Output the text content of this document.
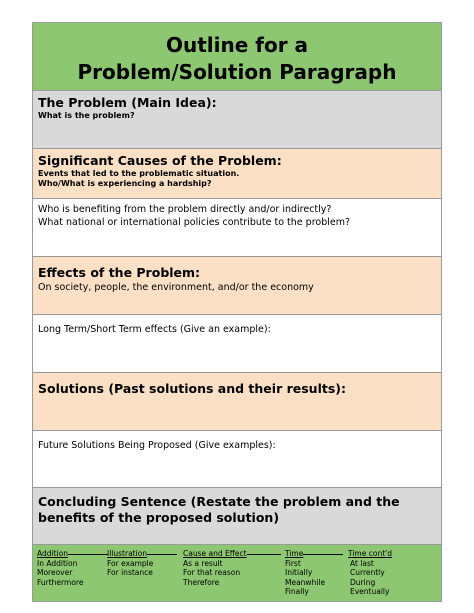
Outline for a
Problem/Solution Paragraph
The Problem (Main Idea):
What is the problem?
Significant Causes of the Problem:
Events that led to the problematic situation.
Who/What is experiencing a hardship?
Who is benefiting from the problem directly and/or indirectly?
What national or international policies contribute to the problem?
Effects of the Problem:
On society, people, the environment, and/or the economy
Long Term/Short Term effects (Give an example):
Solutions (Past solutions and their results):
Future Solutions Being Proposed (Give examples):
Concluding Sentence (Restate the problem and the
benefits of the proposed solution)
Addition
In Addition
Moreover
Furthermore
Illustration
For example
For instance
Cause and Effect
As a result
For that reason
Therefore
Time
First
Initially
Meanwhile
Finally
Time cont'd
At last
Currently
During
Eventually
